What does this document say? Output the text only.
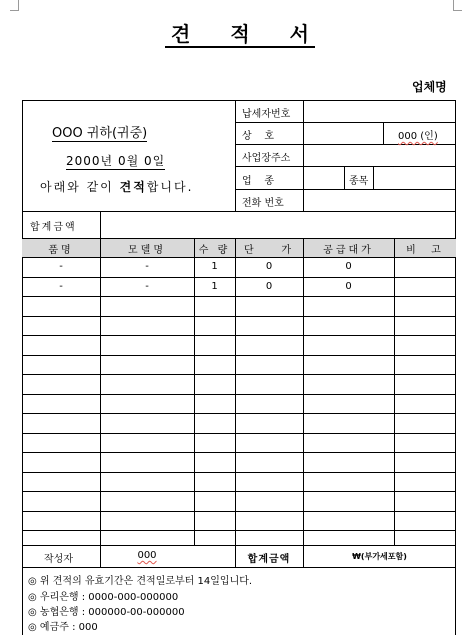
견 적 서
업체명
OOO 귀하(귀중)
2000년 0월 0일
아래와 같이 견적합니다.
납세자번호
상    호	000 (인)
사업장주소
업    종	종목
전화 번호
합계금액
품명	모델명	수 량	단    가	공급대가	비  고
-	-	1	0	0
-	-	1	0	0
작성자	000	합계금액	₩(부가세포함)
◎ 위 견적의 유효기간은 견적일로부터 14일입니다.
◎ 우리은행 : 0000-000-000000
◎ 농협은행 : 000000-00-000000
◎ 예금주 : 000
